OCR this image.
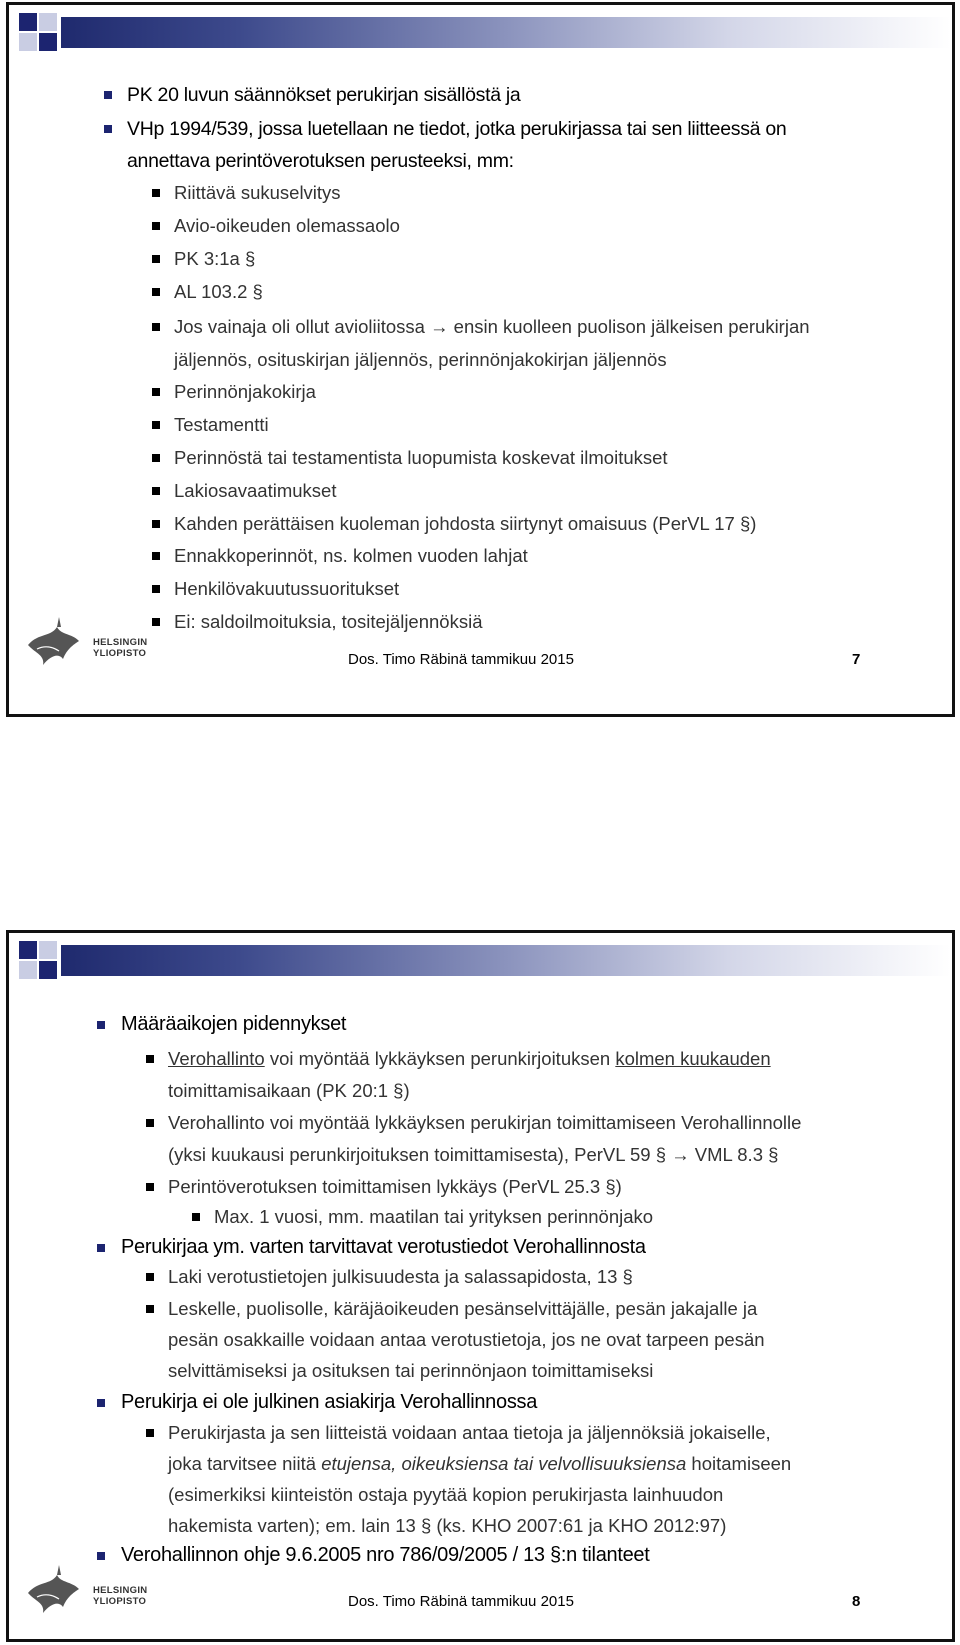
PK 20 luvun säännökset perukirjan sisällöstä ja
VHp 1994/539, jossa luetellaan ne tiedot, jotka perukirjassa tai sen liitteessä on
annettava perintöverotuksen perusteeksi, mm:
Riittävä sukuselvitys
Avio-oikeuden olemassaolo
PK 3:1a §
AL 103.2 §
Jos vainaja oli ollut avioliitossa → ensin kuolleen puolison jälkeisen perukirjan
jäljennös, osituskirjan jäljennös, perinnönjakokirjan jäljennös
Perinnönjakokirja
Testamentti
Perinnöstä tai testamentista luopumista koskevat ilmoitukset
Lakiosavaatimukset
Kahden perättäisen kuoleman johdosta siirtynyt omaisuus (PerVL 17 §)
Ennakkoperinnöt, ns. kolmen vuoden lahjat
Henkilövakuutussuoritukset
Ei: saldoilmoituksia, tositejäljennöksiä
HELSINGIN YLIOPISTO	Dos. Timo Räbinä tammikuu 2015	7
Määräaikojen pidennykset
Verohallinto voi myöntää lykkäyksen perunkirjoituksen kolmen kuukauden
toimittamisaikaan (PK 20:1 §)
Verohallinto voi myöntää lykkäyksen perukirjan toimittamiseen Verohallinnolle
(yksi kuukausi perunkirjoituksen toimittamisesta), PerVL 59 § → VML 8.3 §
Perintöverotuksen toimittamisen lykkäys (PerVL 25.3 §)
Max. 1 vuosi, mm. maatilan tai yrityksen perinnönjako
Perukirjaa ym. varten tarvittavat verotustiedot Verohallinnosta
Laki verotustietojen julkisuudesta ja salassapidosta, 13 §
Leskelle, puolisolle, käräjäoikeuden pesänselvittäjälle, pesän jakajalle ja
pesän osakkaille voidaan antaa verotustietoja, jos ne ovat tarpeen pesän
selvittämiseksi ja osituksen tai perinnönjaon toimittamiseksi
Perukirja ei ole julkinen asiakirja Verohallinnossa
Perukirjasta ja sen liitteistä voidaan antaa tietoja ja jäljennöksiä jokaiselle,
joka tarvitsee niitä etujensa, oikeuksiensa tai velvollisuuksiensa hoitamiseen
(esimerkiksi kiinteistön ostaja pyytää kopion perukirjasta lainhuudon
hakemista varten); em. lain 13 § (ks. KHO 2007:61 ja KHO 2012:97)
Verohallinnon ohje 9.6.2005 nro 786/09/2005 / 13 §:n tilanteet
HELSINGIN YLIOPISTO	Dos. Timo Räbinä tammikuu 2015	8
